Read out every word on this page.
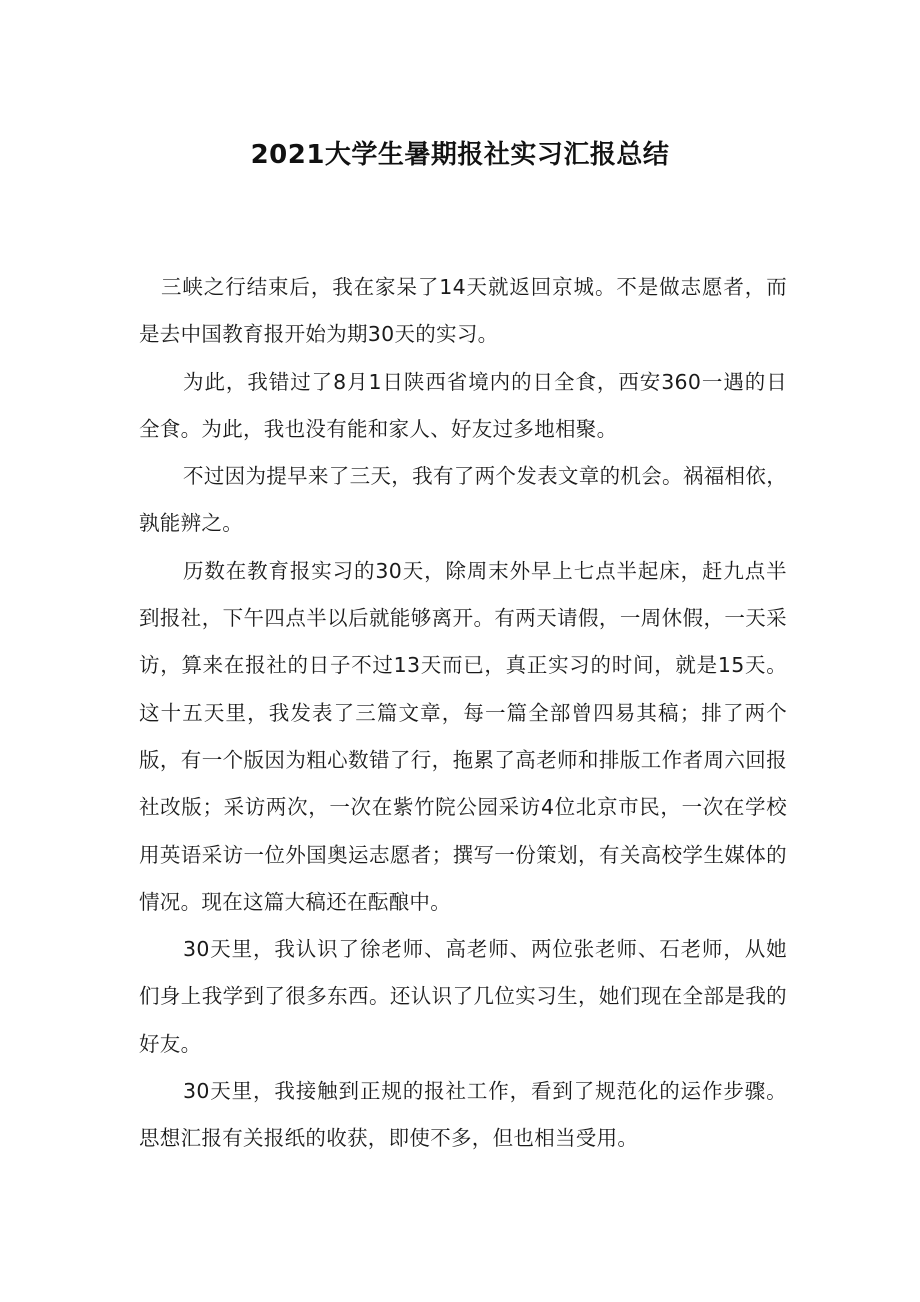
2021大学生暑期报社实习汇报总结

三峡之行结束后，我在家呆了14天就返回京城。不是做志愿者，而是去中国教育报开始为期30天的实习。

为此，我错过了8月1日陕西省境内的日全食，西安360一遇的日全食。为此，我也没有能和家人、好友过多地相聚。

不过因为提早来了三天，我有了两个发表文章的机会。祸福相依，孰能辨之。

历数在教育报实习的30天，除周末外早上七点半起床，赶九点半到报社，下午四点半以后就能够离开。有两天请假，一周休假，一天采访，算来在报社的日子不过13天而已，真正实习的时间，就是15天。这十五天里，我发表了三篇文章，每一篇全部曾四易其稿；排了两个版，有一个版因为粗心数错了行，拖累了高老师和排版工作者周六回报社改版；采访两次，一次在紫竹院公园采访4位北京市民，一次在学校用英语采访一位外国奥运志愿者；撰写一份策划，有关高校学生媒体的情况。现在这篇大稿还在酝酿中。

30天里，我认识了徐老师、高老师、两位张老师、石老师，从她们身上我学到了很多东西。还认识了几位实习生，她们现在全部是我的好友。

30天里，我接触到正规的报社工作，看到了规范化的运作步骤。思想汇报有关报纸的收获，即使不多，但也相当受用。
